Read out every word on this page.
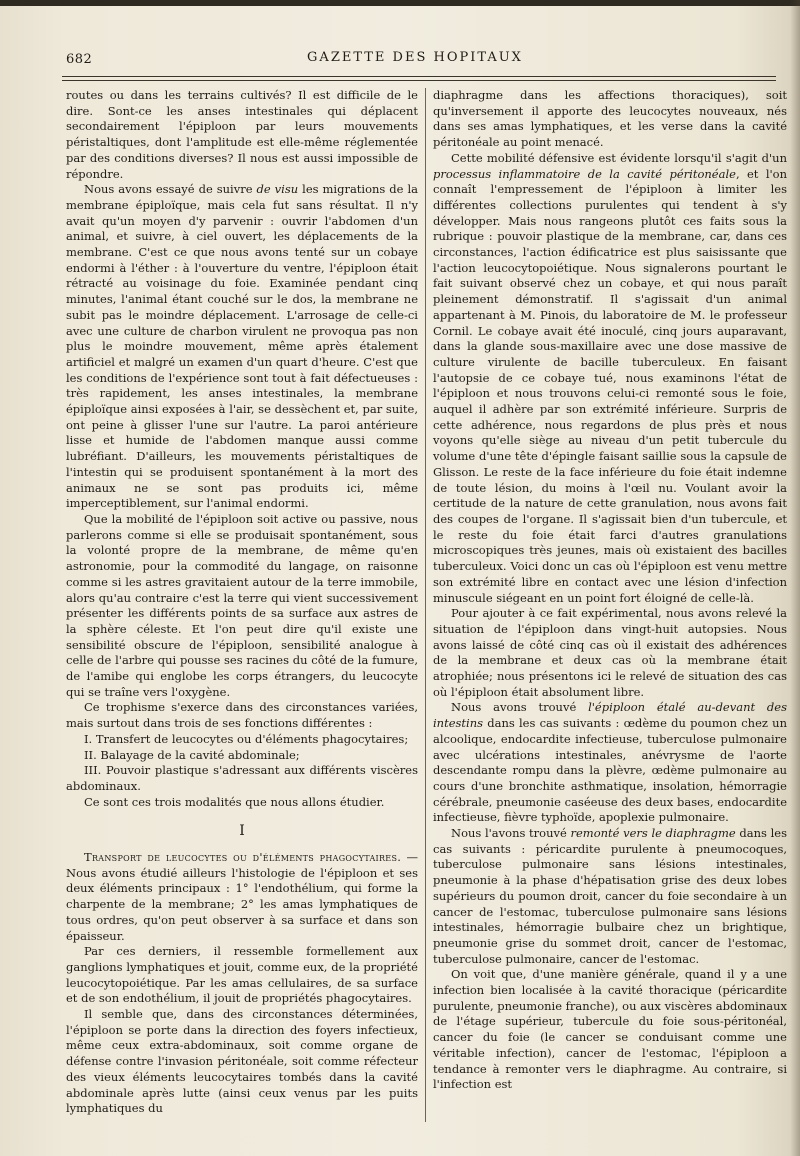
682	GAZETTE DES HOPITAUX

routes ou dans les terrains cultivés? Il est difficile de le dire. Sont-ce les anses intestinales qui déplacent secondairement l'épiploon par leurs mouvements péristaltiques, dont l'amplitude est elle-même réglementée par des conditions diverses? Il nous est aussi impossible de répondre.

Nous avons essayé de suivre de visu les migrations de la membrane épiploïque, mais cela fut sans résultat. Il n'y avait qu'un moyen d'y parvenir : ouvrir l'abdomen d'un animal, et suivre, à ciel ouvert, les déplacements de la membrane. C'est ce que nous avons tenté sur un cobaye endormi à l'éther : à l'ouverture du ventre, l'épiploon était rétracté au voisinage du foie. Examinée pendant cinq minutes, l'animal étant couché sur le dos, la membrane ne subit pas le moindre déplacement. L'arrosage de celle-ci avec une culture de charbon virulent ne provoqua pas non plus le moindre mouvement, même après étalement artificiel et malgré un examen d'un quart d'heure. C'est que les conditions de l'expérience sont tout à fait défectueuses : très rapidement, les anses intestinales, la membrane épiploïque ainsi exposées à l'air, se dessèchent et, par suite, ont peine à glisser l'une sur l'autre. La paroi antérieure lisse et humide de l'abdomen manque aussi comme lubréfiant. D'ailleurs, les mouvements péristaltiques de l'intestin qui se produisent spontanément à la mort des animaux ne se sont pas produits ici, même imperceptiblement, sur l'animal endormi.

Que la mobilité de l'épiploon soit active ou passive, nous parlerons comme si elle se produisait spontanément, sous la volonté propre de la membrane, de même qu'en astronomie, pour la commodité du langage, on raisonne comme si les astres gravitaient autour de la terre immobile, alors qu'au contraire c'est la terre qui vient successivement présenter les différents points de sa surface aux astres de la sphère céleste. Et l'on peut dire qu'il existe une sensibilité obscure de l'épiploon, sensibilité analogue à celle de l'arbre qui pousse ses racines du côté de la fumure, de l'amibe qui englobe les corps étrangers, du leucocyte qui se traîne vers l'oxygène.

Ce trophisme s'exerce dans des circonstances variées, mais surtout dans trois de ses fonctions différentes :

I. Transfert de leucocytes ou d'éléments phagocytaires;

II. Balayage de la cavité abdominale;

III. Pouvoir plastique s'adressant aux différents viscères abdominaux.

Ce sont ces trois modalités que nous allons étudier.

I

Transport de leucocytes ou d'éléments phagocytaires. — Nous avons étudié ailleurs l'histologie de l'épiploon et ses deux éléments principaux : 1° l'endothélium, qui forme la charpente de la membrane; 2° les amas lymphatiques de tous ordres, qu'on peut observer à sa surface et dans son épaisseur.

Par ces derniers, il ressemble formellement aux ganglions lymphatiques et jouit, comme eux, de la propriété leucocytopoiétique. Par les amas cellulaires, de sa surface et de son endothélium, il jouit de propriétés phagocytaires.

Il semble que, dans des circonstances déterminées, l'épiploon se porte dans la direction des foyers infectieux, même ceux extra-abdominaux, soit comme organe de défense contre l'invasion péritonéale, soit comme réfecteur des vieux éléments leucocytaires tombés dans la cavité abdominale après lutte (ainsi ceux venus par les puits lymphatiques du

diaphragme dans les affections thoraciques), soit qu'inversement il apporte des leucocytes nouveaux, nés dans ses amas lymphatiques, et les verse dans la cavité péritonéale au point menacé.

Cette mobilité défensive est évidente lorsqu'il s'agit d'un processus inflammatoire de la cavité péritonéale, et l'on connaît l'empressement de l'épiploon à limiter les différentes collections purulentes qui tendent à s'y développer. Mais nous rangeons plutôt ces faits sous la rubrique : pouvoir plastique de la membrane, car, dans ces circonstances, l'action édificatrice est plus saisissante que l'action leucocytopoiétique. Nous signalerons pourtant le fait suivant observé chez un cobaye, et qui nous paraît pleinement démonstratif. Il s'agissait d'un animal appartenant à M. Pinois, du laboratoire de M. le professeur Cornil. Le cobaye avait été inoculé, cinq jours auparavant, dans la glande sous-maxillaire avec une dose massive de culture virulente de bacille tuberculeux. En faisant l'autopsie de ce cobaye tué, nous examinons l'état de l'épiploon et nous trouvons celui-ci remonté sous le foie, auquel il adhère par son extrémité inférieure. Surpris de cette adhérence, nous regardons de plus près et nous voyons qu'elle siège au niveau d'un petit tubercule du volume d'une tête d'épingle faisant saillie sous la capsule de Glisson. Le reste de la face inférieure du foie était indemne de toute lésion, du moins à l'œil nu. Voulant avoir la certitude de la nature de cette granulation, nous avons fait des coupes de l'organe. Il s'agissait bien d'un tubercule, et le reste du foie était farci d'autres granulations microscopiques très jeunes, mais où existaient des bacilles tuberculeux. Voici donc un cas où l'épiploon est venu mettre son extrémité libre en contact avec une lésion d'infection minuscule siégeant en un point fort éloigné de celle-là.

Pour ajouter à ce fait expérimental, nous avons relevé la situation de l'épiploon dans vingt-huit autopsies. Nous avons laissé de côté cinq cas où il existait des adhérences de la membrane et deux cas où la membrane était atrophiée; nous présentons ici le relevé de situation des cas où l'épiploon était absolument libre.

Nous avons trouvé l'épiploon étalé au-devant des intestins dans les cas suivants : œdème du poumon chez un alcoolique, endocardite infectieuse, tuberculose pulmonaire avec ulcérations intestinales, anévrysme de l'aorte descendante rompu dans la plèvre, œdème pulmonaire au cours d'une bronchite asthmatique, insolation, hémorragie cérébrale, pneumonie caséeuse des deux bases, endocardite infectieuse, fièvre typhoïde, apoplexie pulmonaire.

Nous l'avons trouvé remonté vers le diaphragme dans les cas suivants : péricardite purulente à pneumocoques, tuberculose pulmonaire sans lésions intestinales, pneumonie à la phase d'hépatisation grise des deux lobes supérieurs du poumon droit, cancer du foie secondaire à un cancer de l'estomac, tuberculose pulmonaire sans lésions intestinales, hémorragie bulbaire chez un brightique, pneumonie grise du sommet droit, cancer de l'estomac, tuberculose pulmonaire, cancer de l'estomac.

On voit que, d'une manière générale, quand il y a une infection bien localisée à la cavité thoracique (péricardite purulente, pneumonie franche), ou aux viscères abdominaux de l'étage supérieur, tubercule du foie sous-péritonéal, cancer du foie (le cancer se conduisant comme une véritable infection), cancer de l'estomac, l'épiploon a tendance à remonter vers le diaphragme. Au contraire, si l'infection est
